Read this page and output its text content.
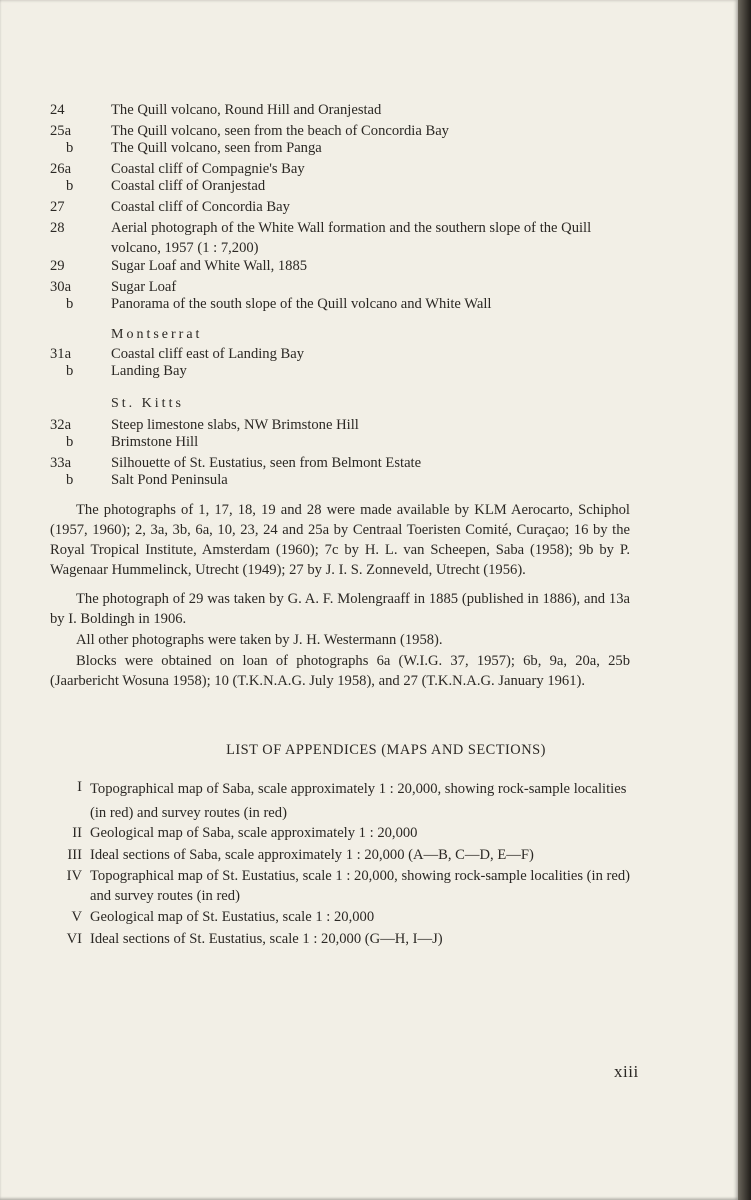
24	The Quill volcano, Round Hill and Oranjestad
25a	The Quill volcano, seen from the beach of Concordia Bay
b	The Quill volcano, seen from Panga
26a	Coastal cliff of Compagnie's Bay
b	Coastal cliff of Oranjestad
27	Coastal cliff of Concordia Bay
28	Aerial photograph of the White Wall formation and the southern slope of the Quill volcano, 1957 (1 : 7,200)
29	Sugar Loaf and White Wall, 1885
30a	Sugar Loaf
b	Panorama of the south slope of the Quill volcano and White Wall
Montserrat
31a	Coastal cliff east of Landing Bay
b	Landing Bay
St. Kitts
32a	Steep limestone slabs, NW Brimstone Hill
b	Brimstone Hill
33a	Silhouette of St. Eustatius, seen from Belmont Estate
b	Salt Pond Peninsula
The photographs of 1, 17, 18, 19 and 28 were made available by KLM Aerocarto, Schiphol (1957, 1960); 2, 3a, 3b, 6a, 10, 23, 24 and 25a by Centraal Toeristen Comité, Curaçao; 16 by the Royal Tropical Institute, Amsterdam (1960); 7c by H. L. van Scheepen, Saba (1958); 9b by P. Wagenaar Hummelinck, Utrecht (1949); 27 by J. I. S. Zonneveld, Utrecht (1956).
The photograph of 29 was taken by G. A. F. Molengraaff in 1885 (published in 1886), and 13a by I. Boldingh in 1906.
All other photographs were taken by J. H. Westermann (1958).
Blocks were obtained on loan of photographs 6a (W.I.G. 37, 1957); 6b, 9a, 20a, 25b (Jaarbericht Wosuna 1958); 10 (T.K.N.A.G. July 1958), and 27 (T.K.N.A.G. January 1961).
LIST OF APPENDICES (MAPS AND SECTIONS)
I Topographical map of Saba, scale approximately 1 : 20,000, showing rock-sample localities (in red) and survey routes (in red)
II Geological map of Saba, scale approximately 1 : 20,000
III Ideal sections of Saba, scale approximately 1 : 20,000 (A—B, C—D, E—F)
IV Topographical map of St. Eustatius, scale 1 : 20,000, showing rock-sample localities (in red) and survey routes (in red)
V Geological map of St. Eustatius, scale 1 : 20,000
VI Ideal sections of St. Eustatius, scale 1 : 20,000 (G—H, I—J)
xiii
